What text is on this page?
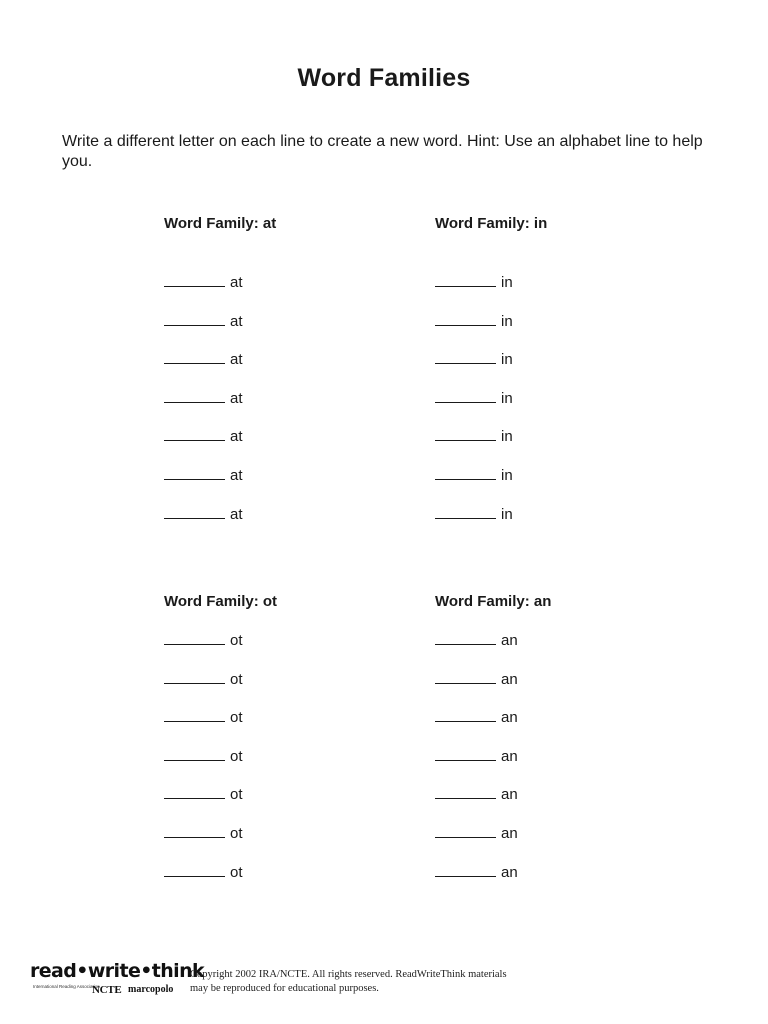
Word Families
Write a different letter on each line to create a new word. Hint: Use an alphabet line to help you.
Word Family: at
at
at
at
at
at
at
at
Word Family: in
in
in
in
in
in
in
in
Word Family: ot
ot
ot
ot
ot
ot
ot
ot
Word Family: an
an
an
an
an
an
an
an
read•write•think
International Reading Association
NCTE marcopolo
Copyright 2002 IRA/NCTE. All rights reserved. ReadWriteThink materials may be reproduced for educational purposes.
